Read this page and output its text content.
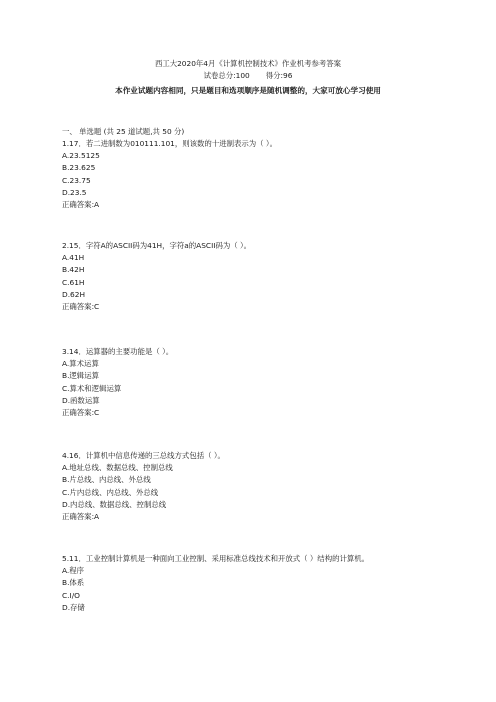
西工大2020年4月《计算机控制技术》作业机考参考答案
试卷总分:100 得分:96
本作业试题内容相同，只是题目和选项顺序是随机调整的，大家可放心学习使用
一、 单选题 (共 25 道试题,共 50 分)
1.17．若二进制数为010111.101，则该数的十进制表示为（ ）。
A.23.5125
B.23.625
C.23.75
D.23.5
正确答案:A
2.15．字符A的ASCII码为41H，字符a的ASCII码为（ ）。
A.41H
B.42H
C.61H
D.62H
正确答案:C
3.14．运算器的主要功能是（ ）。
A.算术运算
B.逻辑运算
C.算术和逻辑运算
D.函数运算
正确答案:C
4.16．计算机中信息传递的三总线方式包括（ ）。
A.地址总线、数据总线、控制总线
B.片总线、内总线、外总线
C.片内总线、内总线、外总线
D.内总线、数据总线、控制总线
正确答案:A
5.11．工业控制计算机是一种面向工业控制、采用标准总线技术和开放式（ ）结构的计算机。
A.程序
B.体系
C.I/O
D.存储
